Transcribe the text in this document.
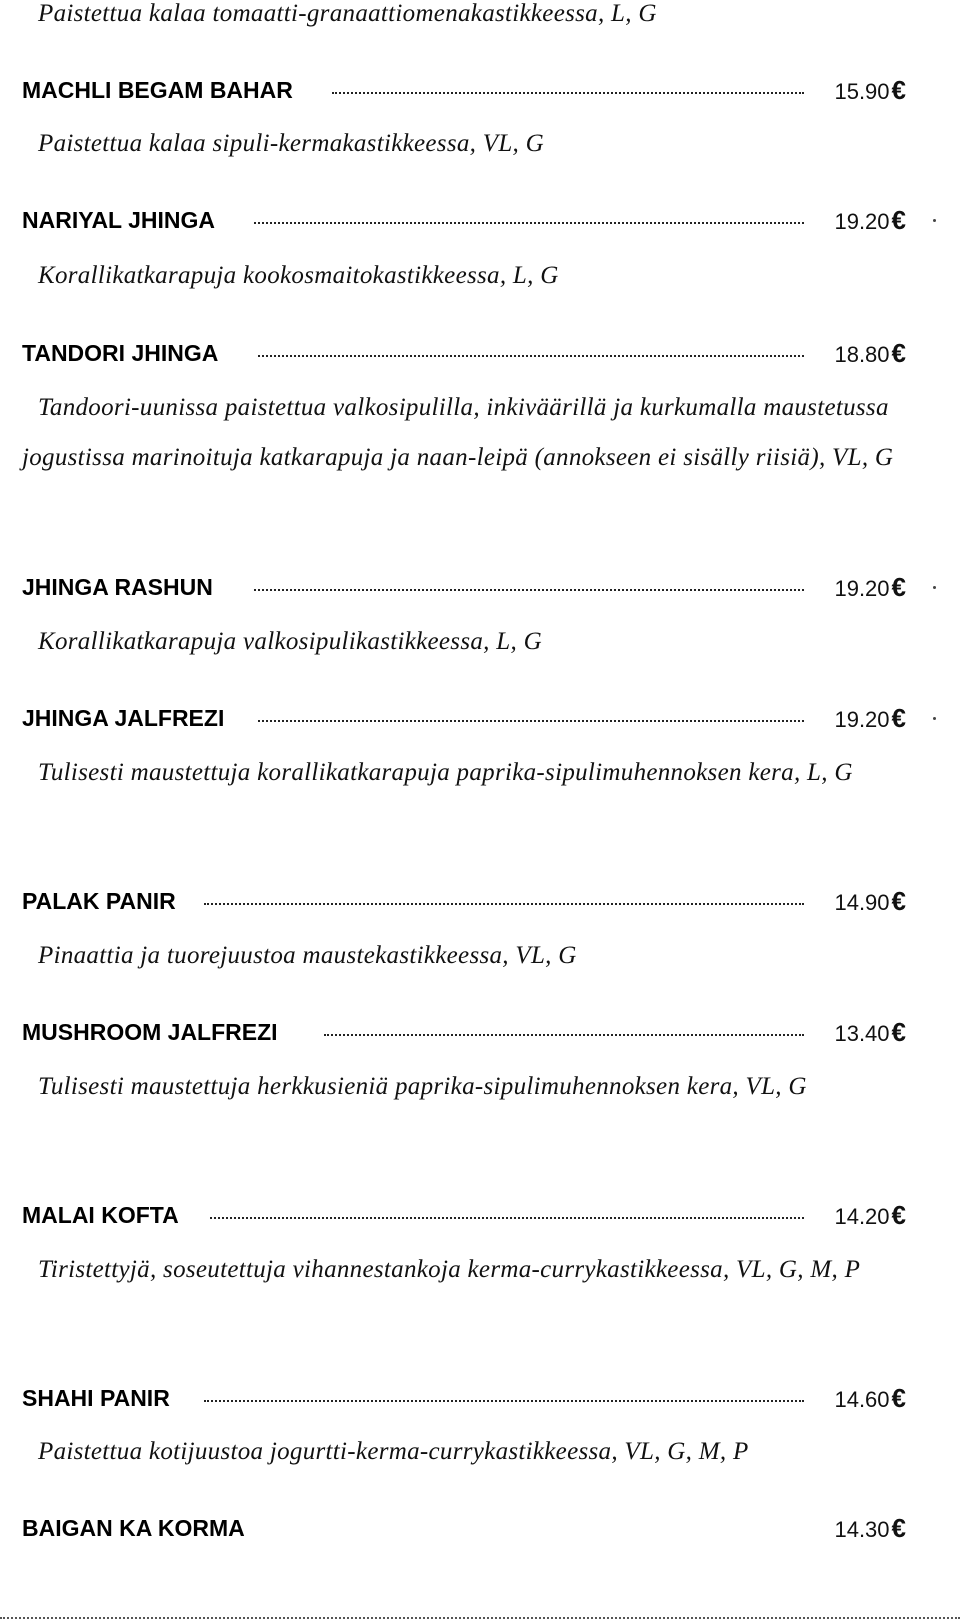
Paistettua kalaa tomaatti-granaattiomenakastikkeessa, L, G

MACHLI BEGAM BAHAR	15.90€

Paistettua kalaa sipuli-kermakastikkeessa, VL, G

NARIYAL JHINGA	19.20€

Korallikatkarapuja kookosmaitokastikkeessa, L, G

TANDORI JHINGA	18.80€

Tandoori-uunissa paistettua valkosipulilla, inkiväärillä ja kurkumalla maustetussa jogustissa marinoituja katkarapuja ja naan-leipä (annokseen ei sisälly riisiä), VL, G

JHINGA RASHUN	19.20€

Korallikatkarapuja valkosipulikastikkeessa, L, G

JHINGA JALFREZI	19.20€

Tulisesti maustettuja korallikatkarapuja paprika-sipulimuhennoksen kera, L, G

PALAK PANIR	14.90€

Pinaattia ja tuorejuustoa maustekastikkeessa, VL, G

MUSHROOM JALFREZI	13.40€

Tulisesti maustettuja herkkusieniä paprika-sipulimuhennoksen kera, VL, G

MALAI KOFTA	14.20€

Tiristettyjä, soseutettuja vihannestankoja kerma-currykastikkeessa, VL, G, M, P

SHAHI PANIR	14.60€

Paistettua kotijuustoa jogurtti-kerma-currykastikkeessa, VL, G, M, P

BAIGAN KA KORMA	14.30€
